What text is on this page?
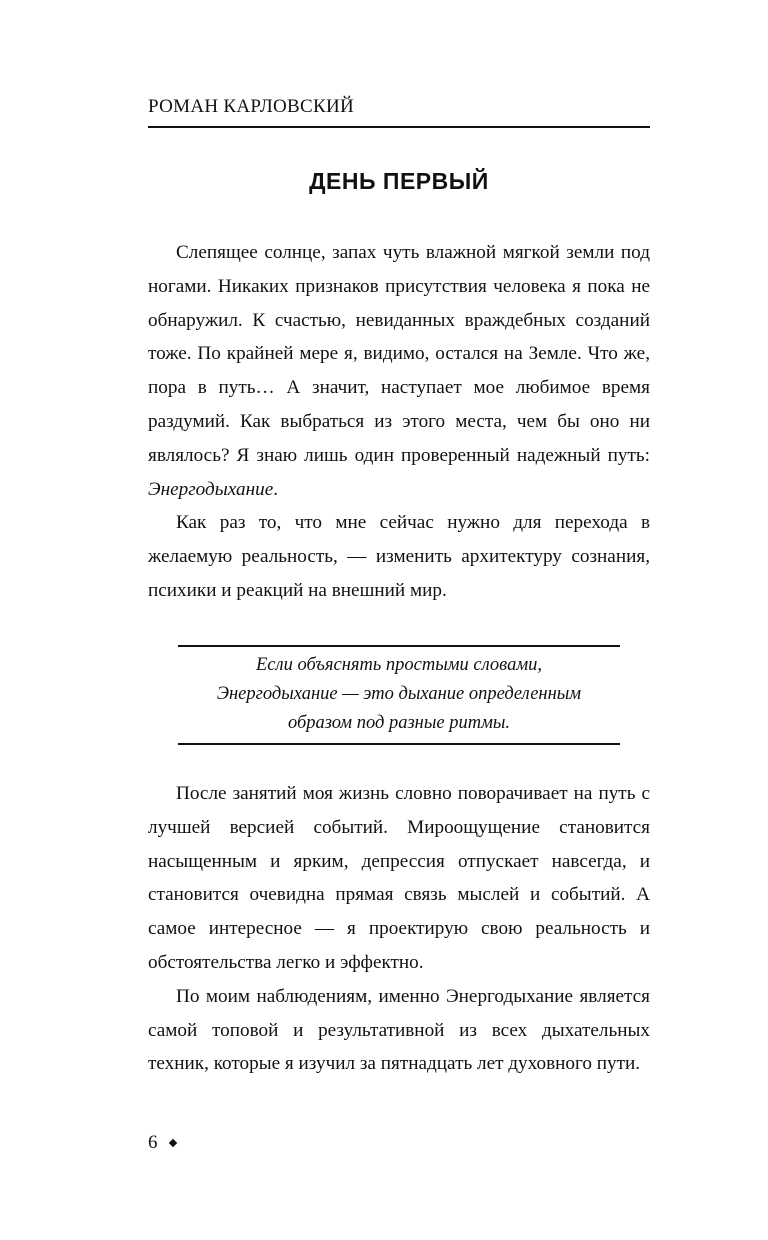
РОМАН КАРЛОВСКИЙ
ДЕНЬ ПЕРВЫЙ

Слепящее солнце, запах чуть влажной мягкой земли под ногами. Никаких признаков присутствия человека я пока не обнаружил. К счастью, невиданных враждебных созданий тоже. По крайней мере я, видимо, остался на Земле. Что же, пора в путь… А значит, наступает мое любимое время раздумий. Как выбраться из этого места, чем бы оно ни являлось? Я знаю лишь один проверенный надежный путь: Энергодыхание.

Как раз то, что мне сейчас нужно для перехода в желаемую реальность, — изменить архитектуру сознания, психики и реакций на внешний мир.

Если объяснять простыми словами,
Энергодыхание — это дыхание определенным
образом под разные ритмы.

После занятий моя жизнь словно поворачивает на путь с лучшей версией событий. Мироощущение становится насыщенным и ярким, депрессия отпускает навсегда, и становится очевидна прямая связь мыслей и событий. А самое интересное — я проектирую свою реальность и обстоятельства легко и эффектно.

По моим наблюдениям, именно Энергодыхание является самой топовой и результативной из всех дыхательных техник, которые я изучил за пятнадцать лет духовного пути.

6
